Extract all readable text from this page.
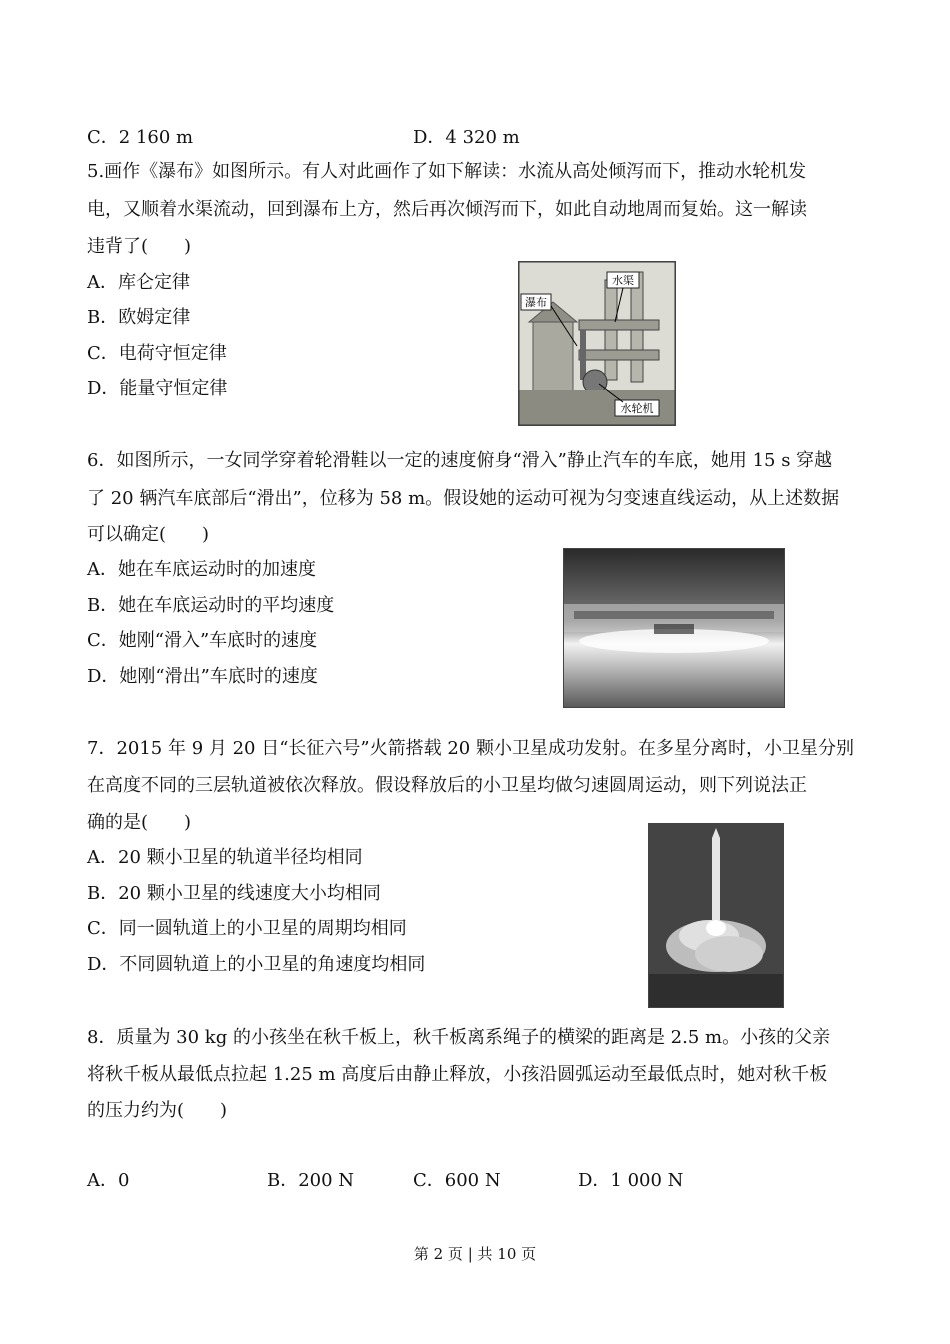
C．2 160 m	D．4 320 m
5.画作《瀑布》如图所示。有人对此画作了如下解读：水流从高处倾泻而下，推动水轮机发
电，又顺着水渠流动，回到瀑布上方，然后再次倾泻而下，如此自动地周而复始。这一解读
违背了(　　)
A．库仑定律
B．欧姆定律
C．电荷守恒定律
D．能量守恒定律
水渠
瀑布
水轮机
6．如图所示，一女同学穿着轮滑鞋以一定的速度俯身“滑入”静止汽车的车底，她用 15 s 穿越
了 20 辆汽车底部后“滑出”，位移为 58 m。假设她的运动可视为匀变速直线运动，从上述数据
可以确定(　　)
A．她在车底运动时的加速度
B．她在车底运动时的平均速度
C．她刚“滑入”车底时的速度
D．她刚“滑出”车底时的速度
7．2015 年 9 月 20 日“长征六号”火箭搭载 20 颗小卫星成功发射。在多星分离时，小卫星分别
在高度不同的三层轨道被依次释放。假设释放后的小卫星均做匀速圆周运动，则下列说法正
确的是(　　)
A．20 颗小卫星的轨道半径均相同
B．20 颗小卫星的线速度大小均相同
C．同一圆轨道上的小卫星的周期均相同
D．不同圆轨道上的小卫星的角速度均相同
8．质量为 30 kg 的小孩坐在秋千板上，秋千板离系绳子的横梁的距离是 2.5 m。小孩的父亲
将秋千板从最低点拉起 1.25 m 高度后由静止释放，小孩沿圆弧运动至最低点时，她对秋千板
的压力约为(　　)
A．0	B．200 N	C．600 N	D．1 000 N
第 2 页 | 共 10 页
